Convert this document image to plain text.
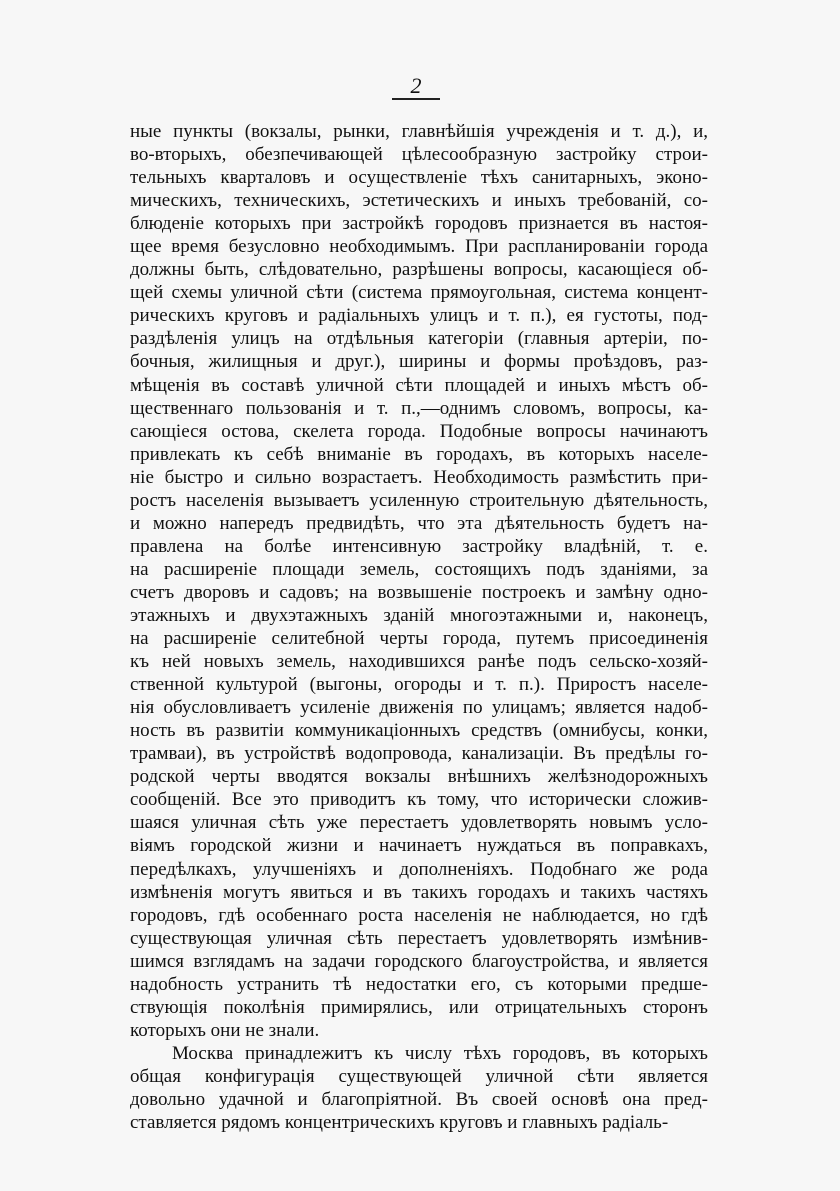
2
ные пункты (вокзалы, рынки, главнѣйшія учрежденія и т. д.), и,
во-вторыхъ, обезпечивающей цѣлесообразную застройку строи-
тельныхъ кварталовъ и осуществленіе тѣхъ санитарныхъ, эконо-
мическихъ, техническихъ, эстетическихъ и иныхъ требованій, со-
блюденіе которыхъ при застройкѣ городовъ признается въ настоя-
щее время безусловно необходимымъ. При распланированіи города
должны быть, слѣдовательно, разрѣшены вопросы, касающіеся об-
щей схемы уличной сѣти (система прямоугольная, система концент-
рическихъ круговъ и радіальныхъ улицъ и т. п.), ея густоты, под-
раздѣленія улицъ на отдѣльныя категоріи (главныя артеріи, по-
бочныя, жилищныя и друг.), ширины и формы проѣздовъ, раз-
мѣщенія въ составѣ уличной сѣти площадей и иныхъ мѣстъ об-
щественнаго пользованія и т. п.,—однимъ словомъ, вопросы, ка-
сающіеся остова, скелета города. Подобные вопросы начинаютъ
привлекать къ себѣ вниманіе въ городахъ, въ которыхъ населе-
ніе быстро и сильно возрастаетъ. Необходимость размѣстить при-
ростъ населенія вызываетъ усиленную строительную дѣятельность,
и можно напередъ предвидѣть, что эта дѣятельность будетъ на-
правлена на болѣе интенсивную застройку владѣній, т. е.
на расширеніе площади земель, состоящихъ подъ зданіями, за
счетъ дворовъ и садовъ; на возвышеніе построекъ и замѣну одно-
этажныхъ и двухэтажныхъ зданій многоэтажными и, наконецъ,
на расширеніе селитебной черты города, путемъ присоединенія
къ ней новыхъ земель, находившихся ранѣе подъ сельско-хозяй-
ственной культурой (выгоны, огороды и т. п.). Приростъ населе-
нія обусловливаетъ усиленіе движенія по улицамъ; является надоб-
ность въ развитіи коммуникаціонныхъ средствъ (омнибусы, конки,
трамваи), въ устройствѣ водопровода, канализаціи. Въ предѣлы го-
родской черты вводятся вокзалы внѣшнихъ желѣзнодорожныхъ
сообщеній. Все это приводитъ къ тому, что исторически сложив-
шаяся уличная сѣть уже перестаетъ удовлетворять новымъ усло-
віямъ городской жизни и начинаетъ нуждаться въ поправкахъ,
передѣлкахъ, улучшеніяхъ и дополненіяхъ. Подобнаго же рода
измѣненія могутъ явиться и въ такихъ городахъ и такихъ частяхъ
городовъ, гдѣ особеннаго роста населенія не наблюдается, но гдѣ
существующая уличная сѣть перестаетъ удовлетворять измѣнив-
шимся взглядамъ на задачи городского благоустройства, и является
надобность устранить тѣ недостатки его, съ которыми предше-
ствующія поколѣнія примирялись, или отрицательныхъ сторонъ
которыхъ они не знали.
Москва принадлежитъ къ числу тѣхъ городовъ, въ которыхъ
общая конфигурація существующей уличной сѣти является
довольно удачной и благопріятной. Въ своей основѣ она пред-
ставляется рядомъ концентрическихъ круговъ и главныхъ радіаль-
